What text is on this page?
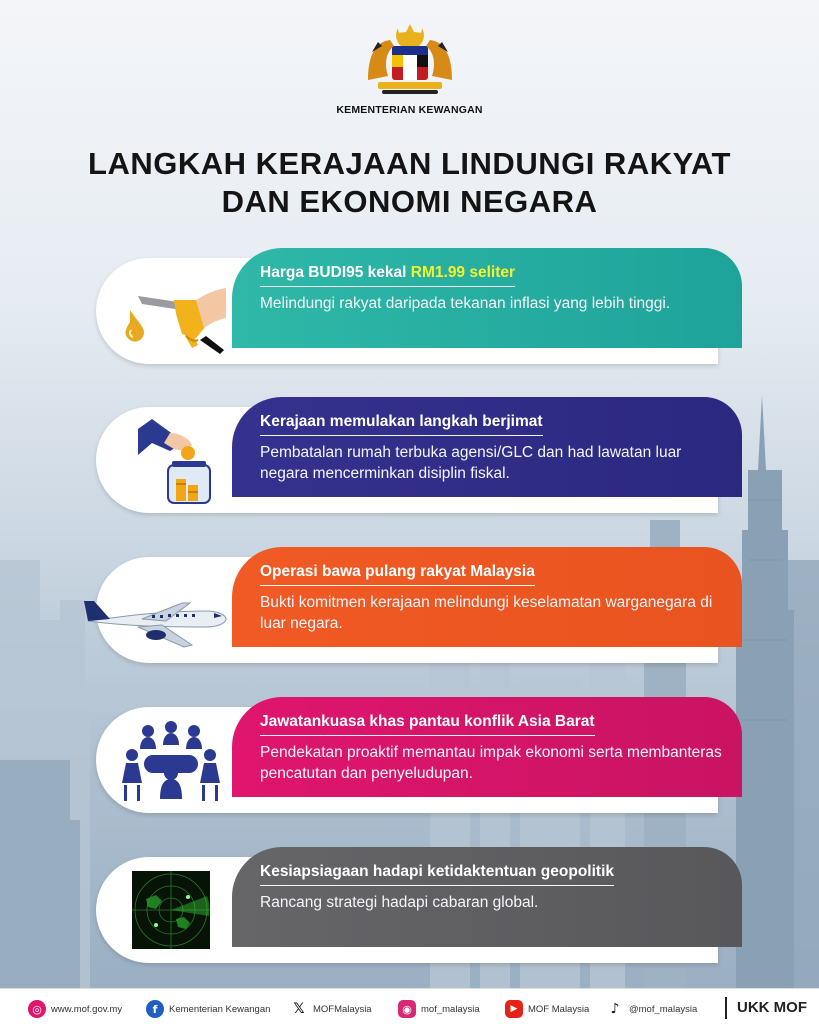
KEMENTERIAN KEWANGAN
LANGKAH KERAJAAN LINDUNGI RAKYAT
DAN EKONOMI NEGARA
Harga BUDI95 kekal RM1.99 seliter
Melindungi rakyat daripada tekanan inflasi yang lebih tinggi.
Kerajaan memulakan langkah berjimat
Pembatalan rumah terbuka agensi/GLC dan had lawatan luar negara mencerminkan disiplin fiskal.
Operasi bawa pulang rakyat Malaysia
Bukti komitmen kerajaan melindungi keselamatan warganegara di luar negara.
Jawatankuasa khas pantau konflik Asia Barat
Pendekatan proaktif memantau impak ekonomi serta membanteras pencatutan dan penyeludupan.
Kesiapsiagaan hadapi ketidaktentuan geopolitik
Rancang strategi hadapi cabaran global.
◎ www.mof.gov.my	f	Kementerian Kewangan 𝕏 MOFMalaysia	◉ mof_malaysia	▶	MOF Malaysia	♪	@mof_malaysia	UKK MOF
